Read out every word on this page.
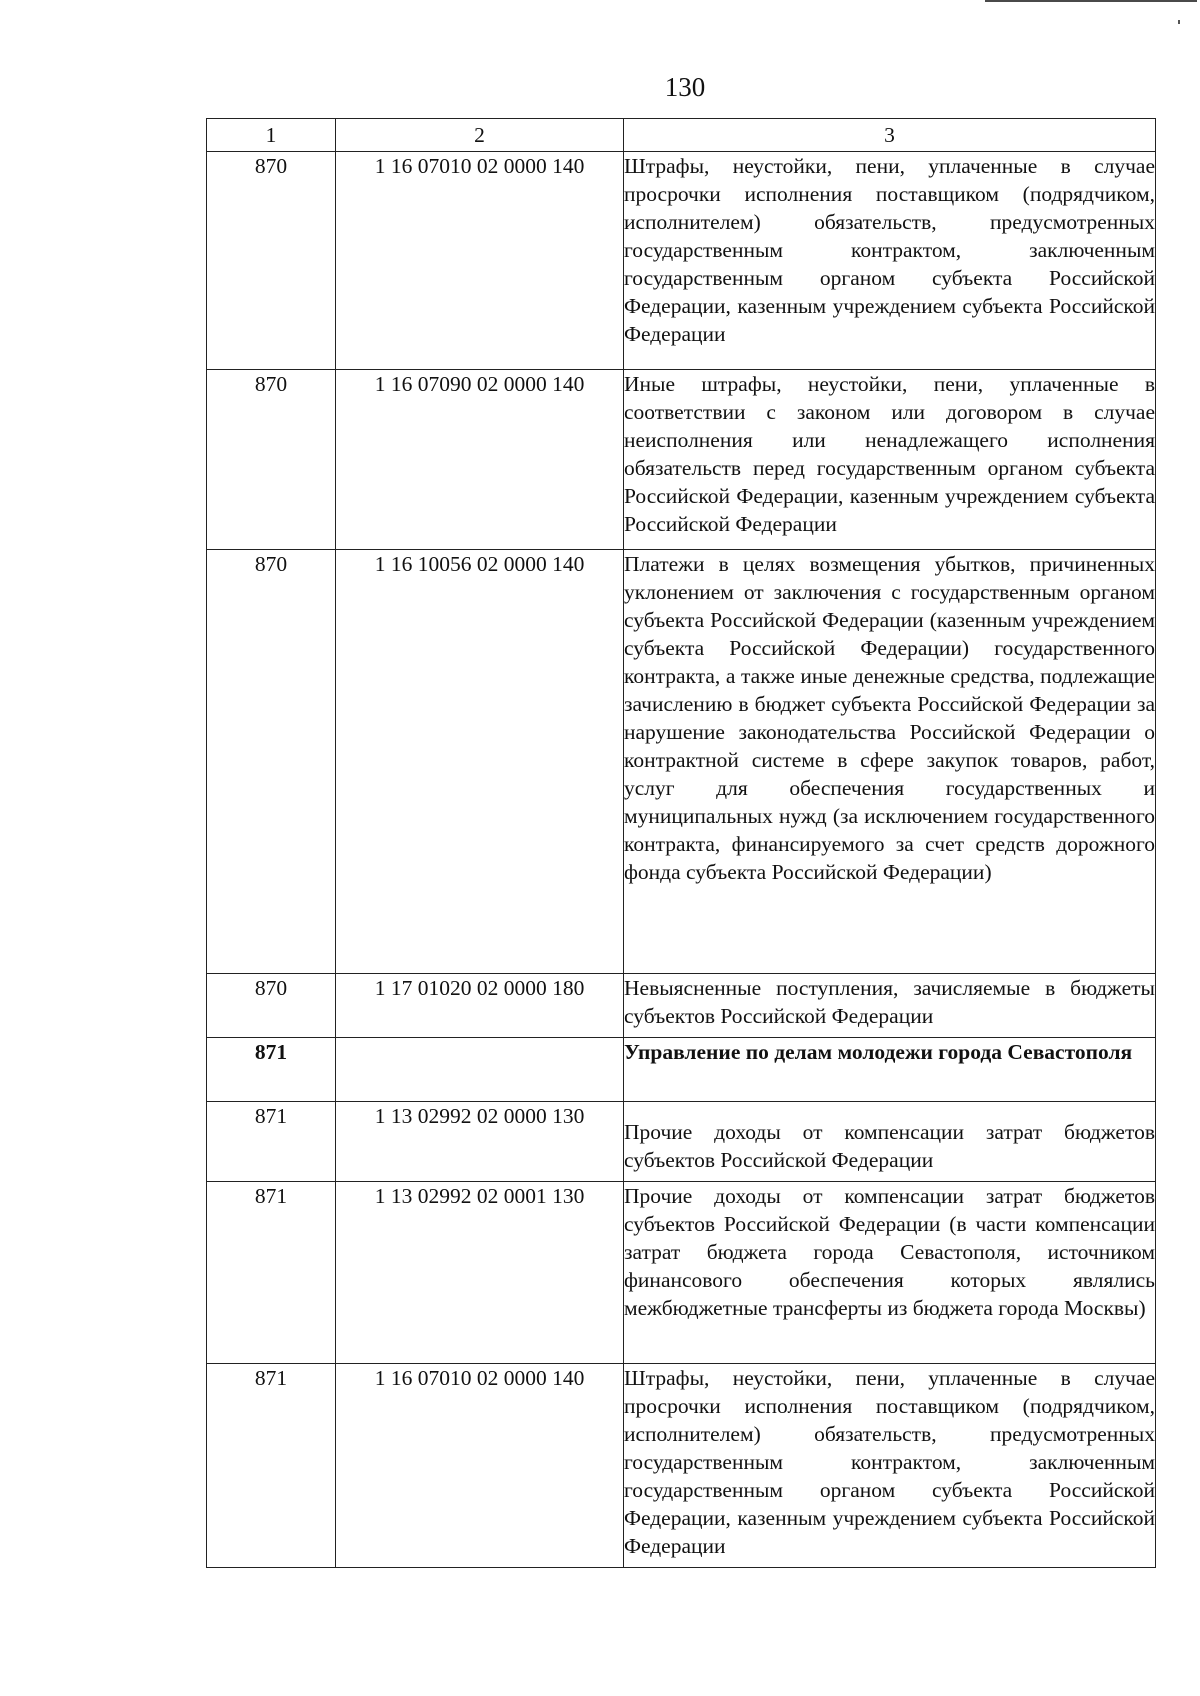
130
1	2	3
870	1 16 07010 02 0000 140	Штрафы, неустойки, пени, уплаченные в случае просрочки исполнения поставщиком (подрядчиком, исполнителем) обязательств, предусмотренных государственным контрактом, заключенным государственным органом субъекта Российской Федерации, казенным учреждением субъекта Российской Федерации
870	1 16 07090 02 0000 140	Иные штрафы, неустойки, пени, уплаченные в соответствии с законом или договором в случае неисполнения или ненадлежащего исполнения обязательств перед государственным органом субъекта Российской Федерации, казенным учреждением субъекта Российской Федерации
870	1 16 10056 02 0000 140	Платежи в целях возмещения убытков, причиненных уклонением от заключения с государственным органом субъекта Российской Федерации (казенным учреждением субъекта Российской Федерации) государственного контракта, а также иные денежные средства, подлежащие зачислению в бюджет субъекта Российской Федерации за нарушение законодательства Российской Федерации о контрактной системе в сфере закупок товаров, работ, услуг для обеспечения государственных и муниципальных нужд (за исключением государственного контракта, финансируемого за счет средств дорожного фонда субъекта Российской Федерации)
870	1 17 01020 02 0000 180	Невыясненные поступления, зачисляемые в бюджеты субъектов Российской Федерации
871		Управление по делам молодежи города Севастополя
871	1 13 02992 02 0000 130	Прочие доходы от компенсации затрат бюджетов субъектов Российской Федерации
871	1 13 02992 02 0001 130	Прочие доходы от компенсации затрат бюджетов субъектов Российской Федерации (в части компенсации затрат бюджета города Севастополя, источником финансового обеспечения которых являлись межбюджетные трансферты из бюджета города Москвы)
871	1 16 07010 02 0000 140	Штрафы, неустойки, пени, уплаченные в случае просрочки исполнения поставщиком (подрядчиком, исполнителем) обязательств, предусмотренных государственным контрактом, заключенным государственным органом субъекта Российской Федерации, казенным учреждением субъекта Российской Федерации
